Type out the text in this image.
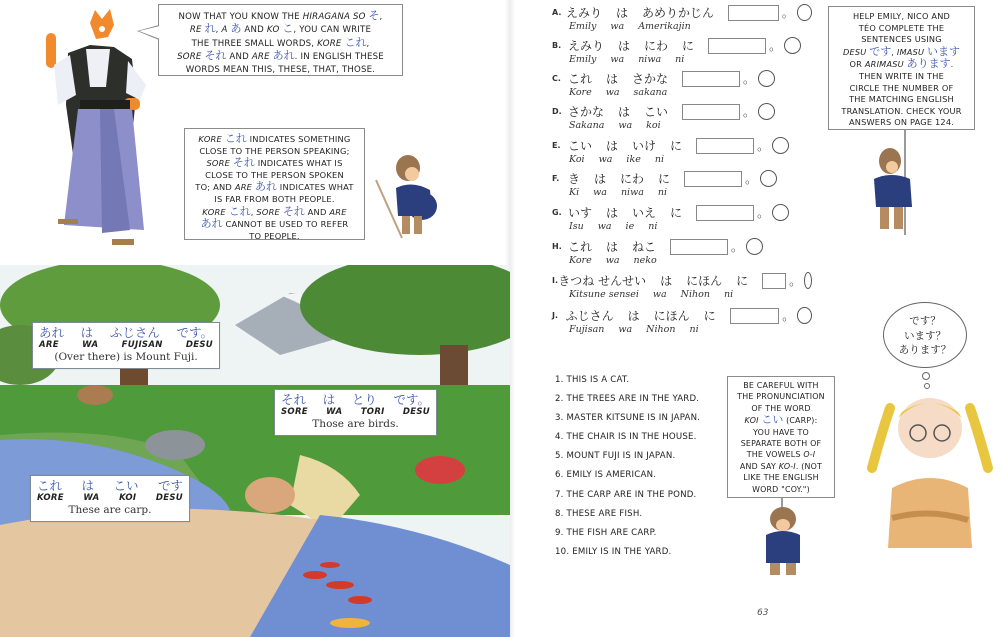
NOW THAT YOU KNOW THE HIRAGANA SO そ,
RE れ, A あ AND KO こ, YOU CAN WRITE
THE THREE SMALL WORDS, KORE これ,
SORE それ AND ARE あれ. IN ENGLISH THESE
WORDS MEAN THIS, THESE, THAT, THOSE.
KORE これ INDICATES SOMETHING
CLOSE TO THE PERSON SPEAKING;
SORE それ INDICATES WHAT IS
CLOSE TO THE PERSON SPOKEN
TO; AND ARE あれ INDICATES WHAT
IS FAR FROM BOTH PEOPLE.
KORE これ, SORE それ AND ARE
あれ CANNOT BE USED TO REFER
TO PEOPLE.
あれ は ふじさん です。
ARE	WA	FUJISAN	DESU
(Over there) is Mount Fuji.
それ は とり です。
SORE WA TORI DESU
Those are birds.
これ は こい です
KORE WA KOI DESU
These are carp.
A. えみり は あめりかじん	。
Emily wa Amerikajin
B. えみり は にわ に	。
Emily wa niwa ni
C. これ は さかな	。
Kore wa sakana
D. さかな は こい	。
Sakana wa koi
E. こい は いけ に	。
Koi wa ike ni
F. き は にわ に	。
Ki wa niwa ni
G. いす は いえ に	。
Isu wa ie ni
H. これ は ねこ	。
Kore wa neko
I. きつね せんせい は にほん に	。
Kitsune sensei wa Nihon ni
J. ふじさん は にほん に	。
Fujisan wa Nihon ni
HELP EMILY, NICO AND
TÉO COMPLETE THE
SENTENCES USING
DESU です, IMASU います
OR ARIMASU あります.
THEN WRITE IN THE
CIRCLE THE NUMBER OF
THE MATCHING ENGLISH
TRANSLATION. CHECK YOUR
ANSWERS ON PAGE 124.
1. THIS IS A CAT.
2. THE TREES ARE IN THE YARD.
3. MASTER KITSUNE IS IN JAPAN.
4. THE CHAIR IS IN THE HOUSE.
5. MOUNT FUJI IS IN JAPAN.
6. EMILY IS AMERICAN.
7. THE CARP ARE IN THE POND.
8. THESE ARE FISH.
9. THE FISH ARE CARP.
10. EMILY IS IN THE YARD.
BE CAREFUL WITH
THE PRONUNCIATION
OF THE WORD
KOI こい (CARP):
YOU HAVE TO
SEPARATE BOTH OF
THE VOWELS O-I
AND SAY KO-I. (NOT
LIKE THE ENGLISH
WORD "COY.")
です？
います？
あります？
63
